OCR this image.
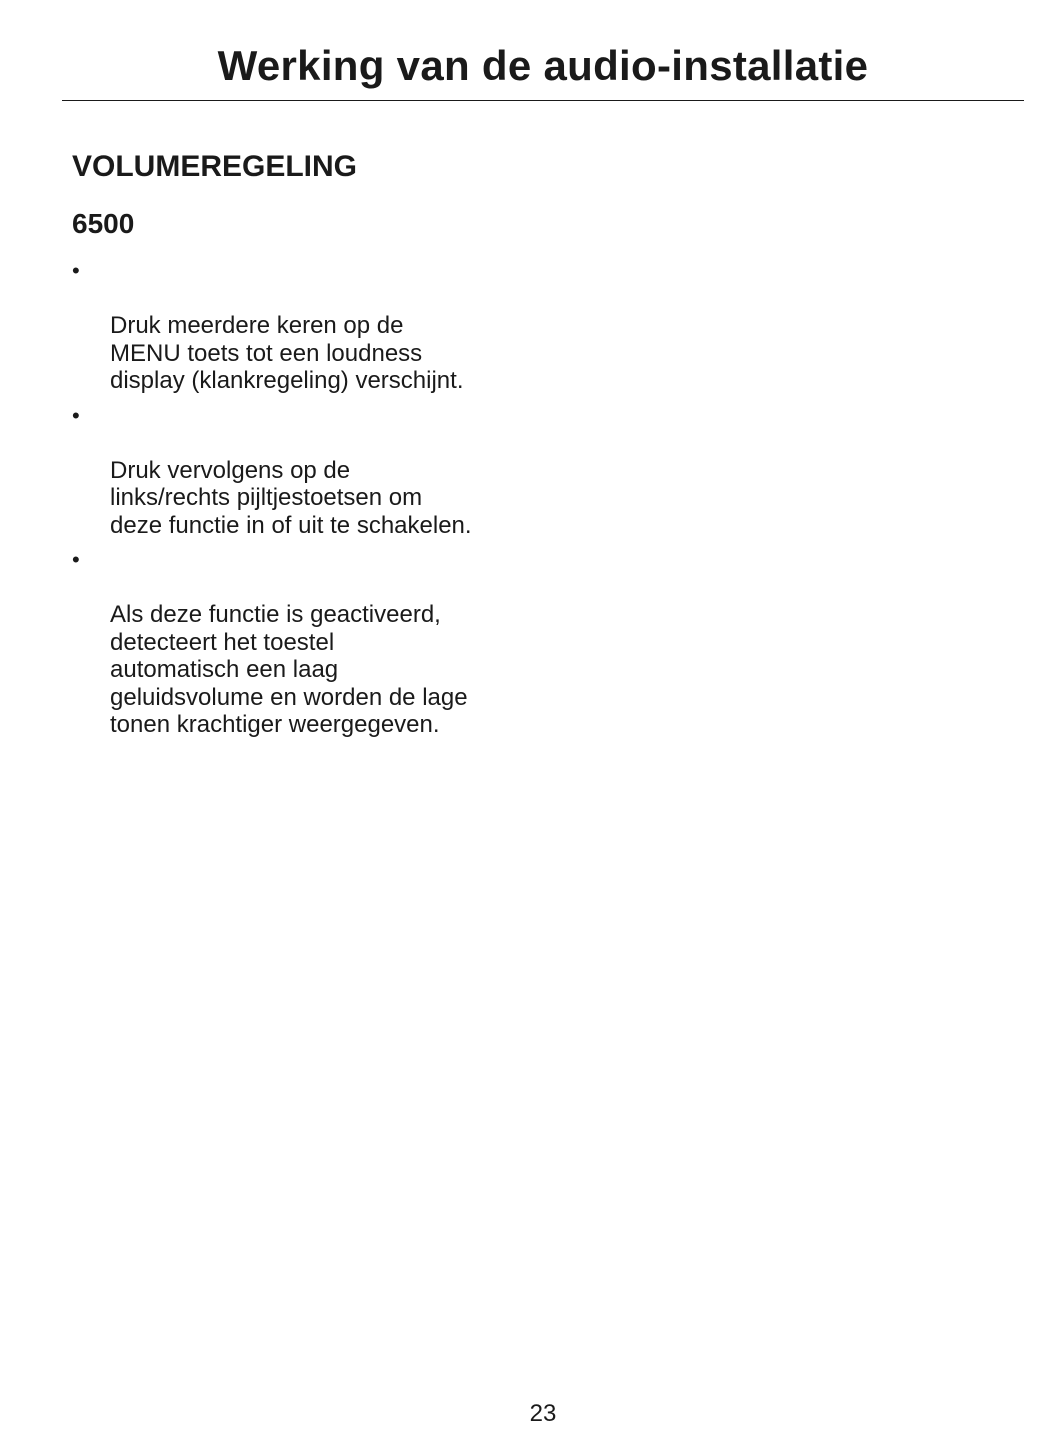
Werking van de audio-installatie
VOLUMEREGELING
6500

•

Druk meerdere keren op de
MENU toets tot een loudness
display (klankregeling) verschijnt.

•

Druk vervolgens op de
links/rechts pijltjestoetsen om
deze functie in of uit te schakelen.

•

Als deze functie is geactiveerd,
detecteert het toestel
automatisch een laag
geluidsvolume en worden de lage
tonen krachtiger weergegeven.

23
